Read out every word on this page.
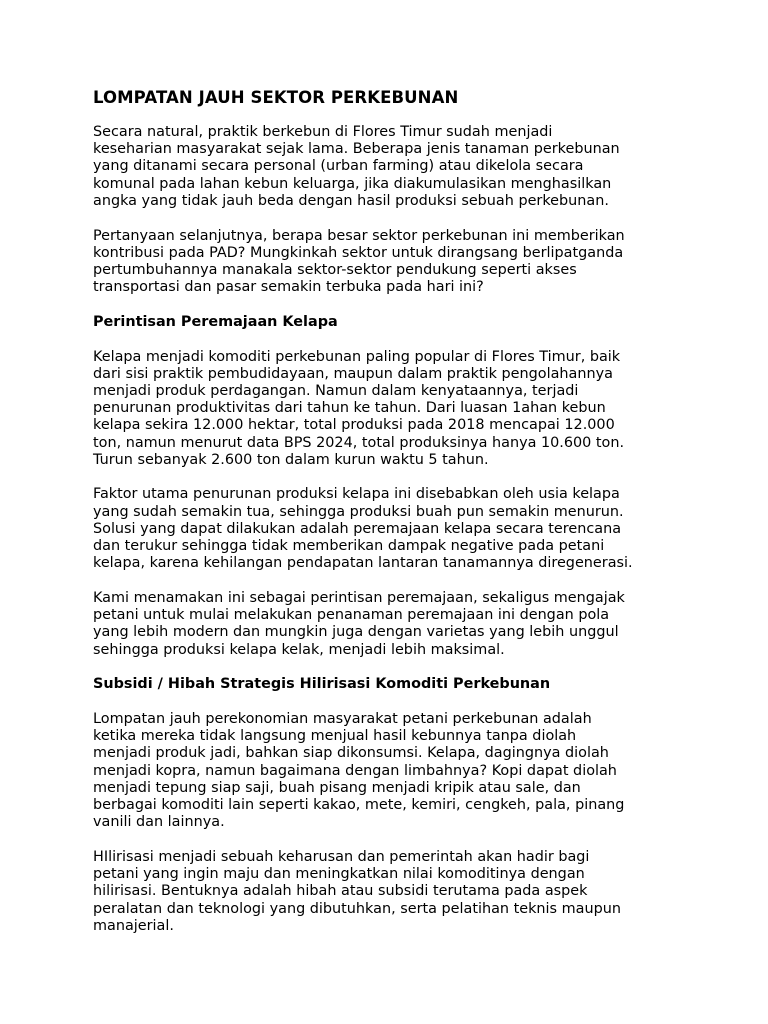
LOMPATAN JAUH SEKTOR PERKEBUNAN
Secara natural, praktik berkebun di Flores Timur sudah menjadi
keseharian masyarakat sejak lama. Beberapa jenis tanaman perkebunan
yang ditanami secara personal (urban farming) atau dikelola secara
komunal pada lahan kebun keluarga, jika diakumulasikan menghasilkan
angka yang tidak jauh beda dengan hasil produksi sebuah perkebunan.
Pertanyaan selanjutnya, berapa besar sektor perkebunan ini memberikan
kontribusi pada PAD? Mungkinkah sektor untuk dirangsang berlipatganda
pertumbuhannya manakala sektor-sektor pendukung seperti akses
transportasi dan pasar semakin terbuka pada hari ini?
Perintisan Peremajaan Kelapa
Kelapa menjadi komoditi perkebunan paling popular di Flores Timur, baik
dari sisi praktik pembudidayaan, maupun dalam praktik pengolahannya
menjadi produk perdagangan. Namun dalam kenyataannya, terjadi
penurunan produktivitas dari tahun ke tahun. Dari luasan 1ahan kebun
kelapa sekira 12.000 hektar, total produksi pada 2018 mencapai 12.000
ton, namun menurut data BPS 2024, total produksinya hanya 10.600 ton.
Turun sebanyak 2.600 ton dalam kurun waktu 5 tahun.
Faktor utama penurunan produksi kelapa ini disebabkan oleh usia kelapa
yang sudah semakin tua, sehingga produksi buah pun semakin menurun.
Solusi yang dapat dilakukan adalah peremajaan kelapa secara terencana
dan terukur sehingga tidak memberikan dampak negative pada petani
kelapa, karena kehilangan pendapatan lantaran tanamannya diregenerasi.
Kami menamakan ini sebagai perintisan peremajaan, sekaligus mengajak
petani untuk mulai melakukan penanaman peremajaan ini dengan pola
yang lebih modern dan mungkin juga dengan varietas yang lebih unggul
sehingga produksi kelapa kelak, menjadi lebih maksimal.
Subsidi / Hibah Strategis Hilirisasi Komoditi Perkebunan
Lompatan jauh perekonomian masyarakat petani perkebunan adalah
ketika mereka tidak langsung menjual hasil kebunnya tanpa diolah
menjadi produk jadi, bahkan siap dikonsumsi. Kelapa, dagingnya diolah
menjadi kopra, namun bagaimana dengan limbahnya? Kopi dapat diolah
menjadi tepung siap saji, buah pisang menjadi kripik atau sale, dan
berbagai komoditi lain seperti kakao, mete, kemiri, cengkeh, pala, pinang
vanili dan lainnya.
HIlirisasi menjadi sebuah keharusan dan pemerintah akan hadir bagi
petani yang ingin maju dan meningkatkan nilai komoditinya dengan
hilirisasi. Bentuknya adalah hibah atau subsidi terutama pada aspek
peralatan dan teknologi yang dibutuhkan, serta pelatihan teknis maupun
manajerial.
